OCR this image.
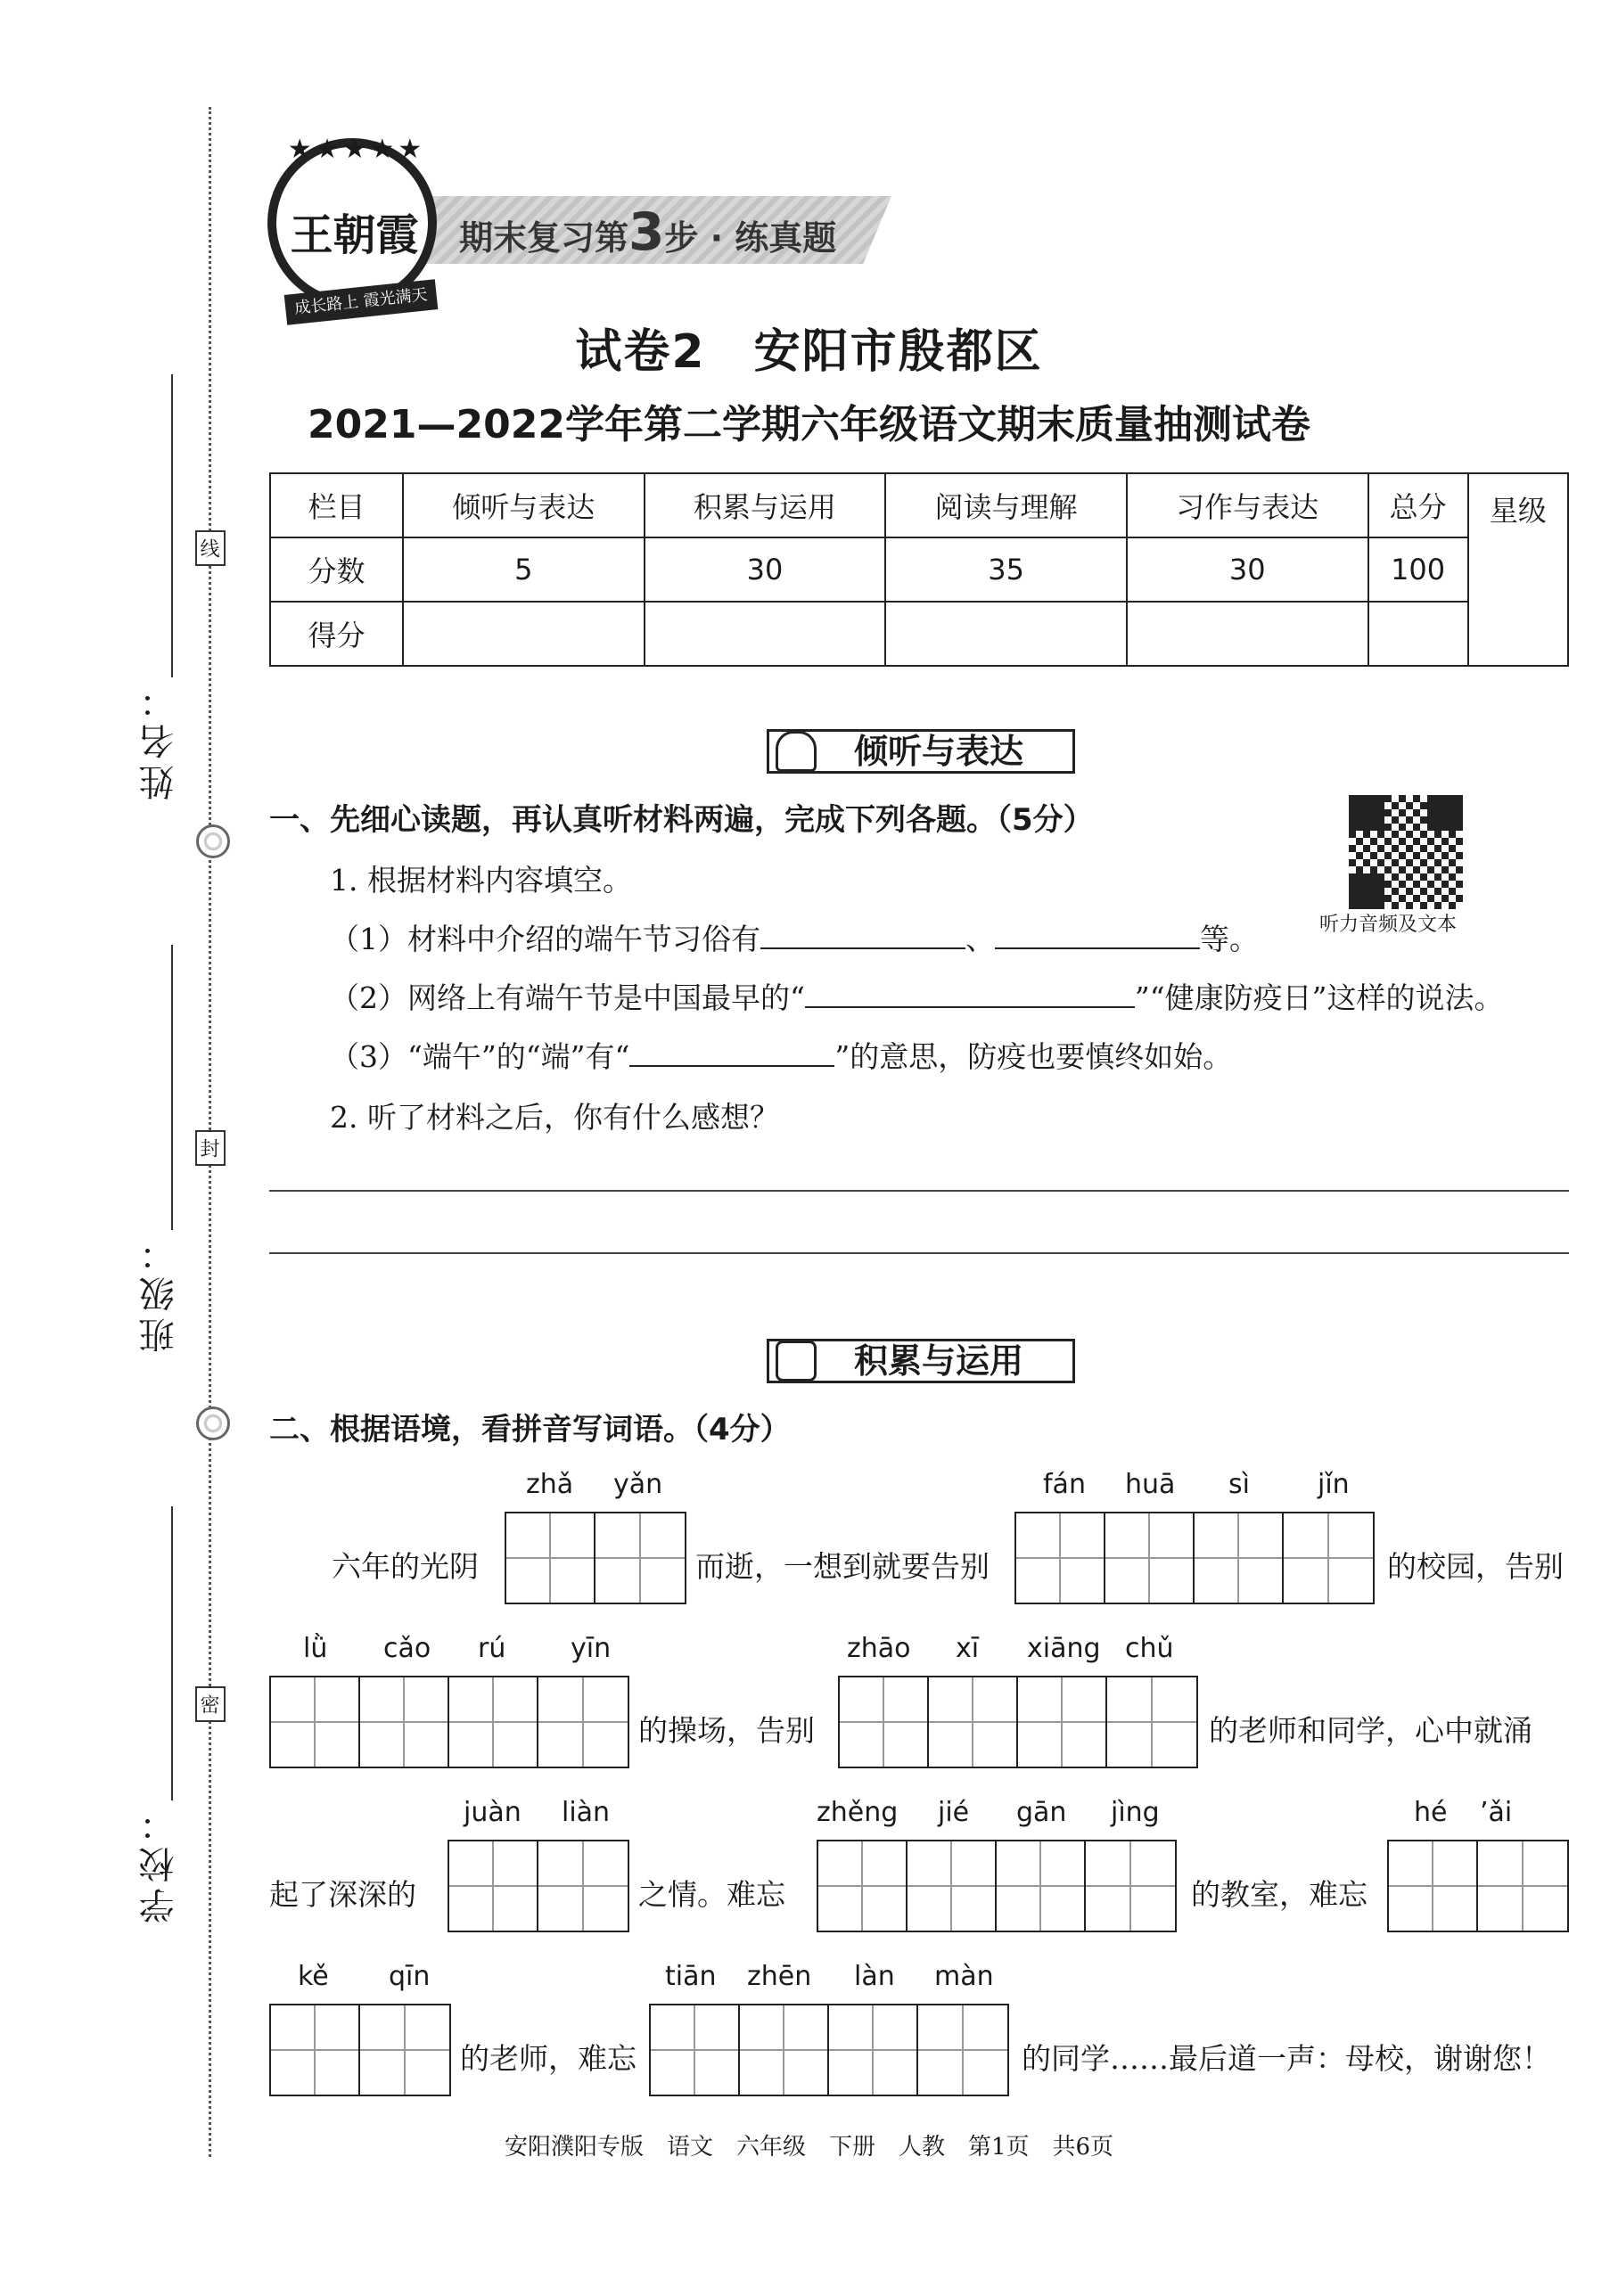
姓名：
班级：
学校：
线
封
密
期末复习第3步 · 练真题
★★★★★
王朝霞
成长路上 霞光满天
试卷2　安阳市殷都区
2021—2022学年第二学期六年级语文期末质量抽测试卷
栏目	倾听与表达	积累与运用	阅读与理解	习作与表达	总分	星级
分数	5	30	35	30	100	
得分						
倾听与表达
一、先细心读题，再认真听材料两遍，完成下列各题。（5分）
听力音频及文本
1. 根据材料内容填空。
（1）材料中介绍的端午节习俗有	、	等。
（2）网络上有端午节是中国最早的“	”“健康防疫日”这样的说法。
（3）“端午”的“端”有“	”的意思，防疫也要慎终如始。
2. 听了材料之后，你有什么感想？
积累与运用
二、根据语境，看拼音写词语。（4分）
zhǎ yǎn
六年的光阴	而逝，一想到就要告别
fán huā sì	jǐn
的校园，告别
lǜ cǎo rú yīn
的操场，告别
zhāo xī xiāng chǔ
的老师和同学，心中就涌
起了深深的
juàn liàn
之情。难忘
zhěng jié gān jìng
的教室，难忘
hé ’ǎi
kě qīn
的老师，难忘
tiān zhēn làn màn
的同学……最后道一声：母校，谢谢您！
安阳濮阳专版　语文　六年级　下册　人教　第1页　共6页
